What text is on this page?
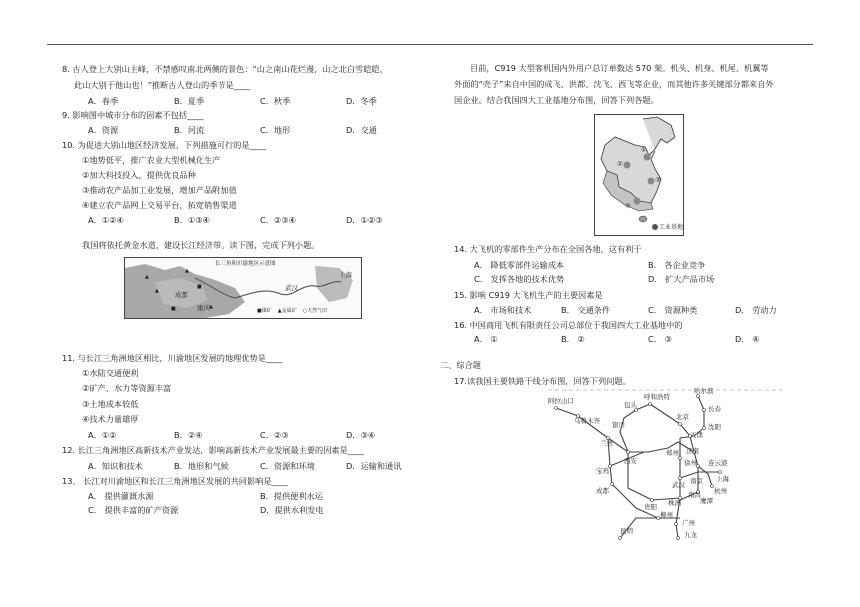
8. 古人登上大别山主峰，不禁感叹南北两侧的景色：“山之南山花烂漫，山之北白雪皑皑，
此山大别于他山也！”推断古人登山的季节是____
A．春季	B．夏季	C．秋季	D．冬季
9. 影响图中城市分布的因素不包括____
A．资源	B．河流	C．地形	D．交通
10. 为促进大别山地区经济发展，下列措施可行的是____
①地势低平，推广农业大型机械化生产
②加大科技投入，提供优良品种
③推动农产品加工业发展，增加产品附加值
④建立农产品网上交易平台，拓宽销售渠道
A．①②④	B．①③④	C．②③④	D．①②③
我国将依托黄金水道，建设长江经济带。读下图，完成下列小题。
▲
▲
▲
■	▲
■
长三角和川渝地区示意图
成都
重庆
武汉
上海
■煤矿 ▲金属矿 ○天然气田
11. 与长江三角洲地区相比，川渝地区发展的地理优势是____
①水陆交通便利
②矿产、水力等资源丰富
③土地成本较低
④技术力量雄厚
A．①②	B．②④	C．②③	D．③④
12. 长江三角洲地区高新技术产业发达，影响高新技术产业发展最主要的因素是____
A．知识和技术	B．地形和气候	C．资源和环境	D．运输和通讯
13、 长江对川渝地区和长江三角洲地区发展的共同影响是____
A． 提供灌溉水源	B．提供便利水运
C． 提供丰富的矿产资源	D．提供水利发电
目前，C919 大型客机国内外用户总订单数达 570 架。机头、机身、机尾、机翼等
外面的“壳子”来自中国的成飞、洪都、沈飞、西飞等企业，而其他许多关键部分都来自外
国企业。结合我国四大工业基地分布图，回答下列各题。
①
②
③
④
工业基地
14. 大飞机的零部件生产分布在全国各地，这有利于
A． 降低零部件运输成本	B． 各企业竞争
C． 发挥各地的技术优势	D． 扩大产品市场
15. 影响 C919 大飞机生产的主要因素是
A． 市场和技术	B． 交通条件	C． 资源种类	D． 劳动力
16. 中国商用飞机有限责任公司总部位于我国四大工业基地中的
A． ①	B． ②	C． ③	D． ④
二、综合题
17.读我国主要铁路干线分布图，回答下列问题。
哈尔滨
长春
沈阳
阿拉山口
乌鲁木齐
呼和浩特
包头
北京
天津
银川
兰州
济南
郑州
宝鸡
西安	徐州 连云港
南京 上海
杭州
武汉
成都
株洲
贵阳
南昌
鹰潭
昆明
柳州
广州
九龙
